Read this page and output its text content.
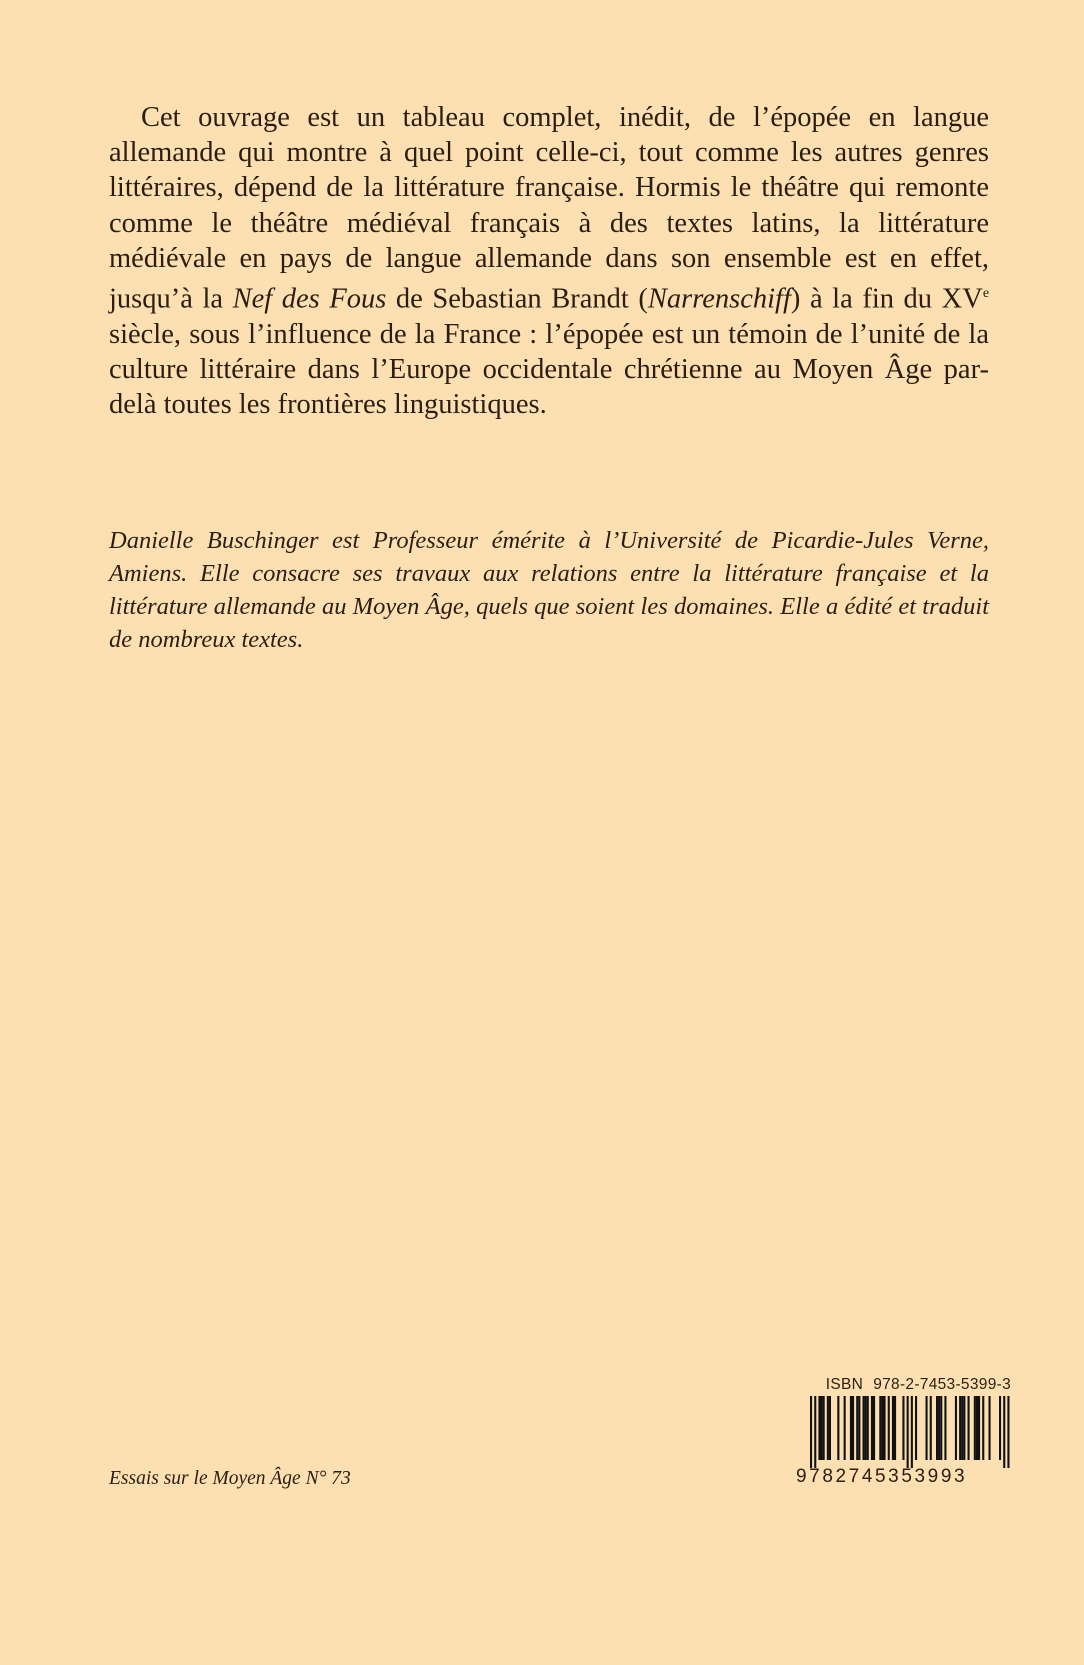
Cet ouvrage est un tableau complet, inédit, de l’épopée en langue allemande qui montre à quel point celle-ci, tout comme les autres genres littéraires, dépend de la littérature française. Hormis le théâtre qui remonte comme le théâtre médiéval français à des textes latins, la littérature médiévale en pays de langue allemande dans son ensemble est en effet, jusqu’à la Nef des Fous de Sebastian Brandt (Narrenschiff) à la fin du XVe siècle, sous l’influence de la France : l’épopée est un témoin de l’unité de la culture littéraire dans l’Europe occidentale chrétienne au Moyen Âge par-delà toutes les frontières linguistiques.

Danielle Buschinger est Professeur émérite à l’Université de Picardie-Jules Verne, Amiens. Elle consacre ses travaux aux relations entre la littérature française et la littérature allemande au Moyen Âge, quels que soient les domaines. Elle a édité et traduit de nombreux textes.

Essais sur le Moyen Âge N° 73
ISBN 978-2-7453-5399-3
9782745353993
